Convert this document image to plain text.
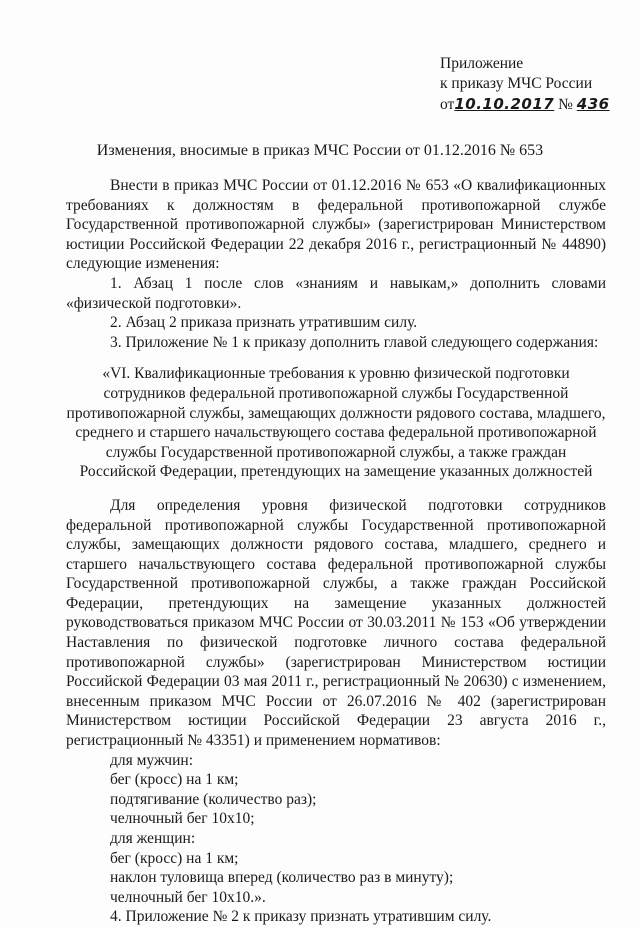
Приложение
к приказу МЧС России
от10.10.2017 № 436
Изменения, вносимые в приказ МЧС России от 01.12.2016 № 653

Внести в приказ МЧС России от 01.12.2016 № 653 «О квалификационных требованиях к должностям в федеральной противопожарной службе Государственной противопожарной службы» (зарегистрирован Министерством юстиции Российской Федерации 22 декабря 2016 г., регистрационный № 44890) следующие изменения:

1. Абзац 1 после слов «знаниям и навыкам,» дополнить словами «физической подготовки».

2. Абзац 2 приказа признать утратившим силу.

3. Приложение № 1 к приказу дополнить главой следующего содержания:

«VI. Квалификационные требования к уровню физической подготовки сотрудников федеральной противопожарной службы Государственной противопожарной службы, замещающих должности рядового состава, младшего, среднего и старшего начальствующего состава федеральной противопожарной службы Государственной противопожарной службы, а также граждан Российской Федерации, претендующих на замещение указанных должностей

Для определения уровня физической подготовки сотрудников федеральной противопожарной службы Государственной противопожарной службы, замещающих должности рядового состава, младшего, среднего и старшего начальствующего состава федеральной противопожарной службы Государственной противопожарной службы, а также граждан Российской Федерации, претендующих на замещение указанных должностей руководствоваться приказом МЧС России от 30.03.2011 № 153 «Об утверждении Наставления по физической подготовке личного состава федеральной противопожарной службы» (зарегистрирован Министерством юстиции Российской Федерации 03 мая 2011 г., регистрационный № 20630) с изменением, внесенным приказом МЧС России от 26.07.2016 № 402 (зарегистрирован Министерством юстиции Российской Федерации 23 августа 2016 г., регистрационный № 43351) и применением нормативов:

для мужчин:
бег (кросс) на 1 км;
подтягивание (количество раз);
челночный бег 10х10;
для женщин:
бег (кросс) на 1 км;
наклон туловища вперед (количество раз в минуту);
челночный бег 10х10.».

4. Приложение № 2 к приказу признать утратившим силу.
